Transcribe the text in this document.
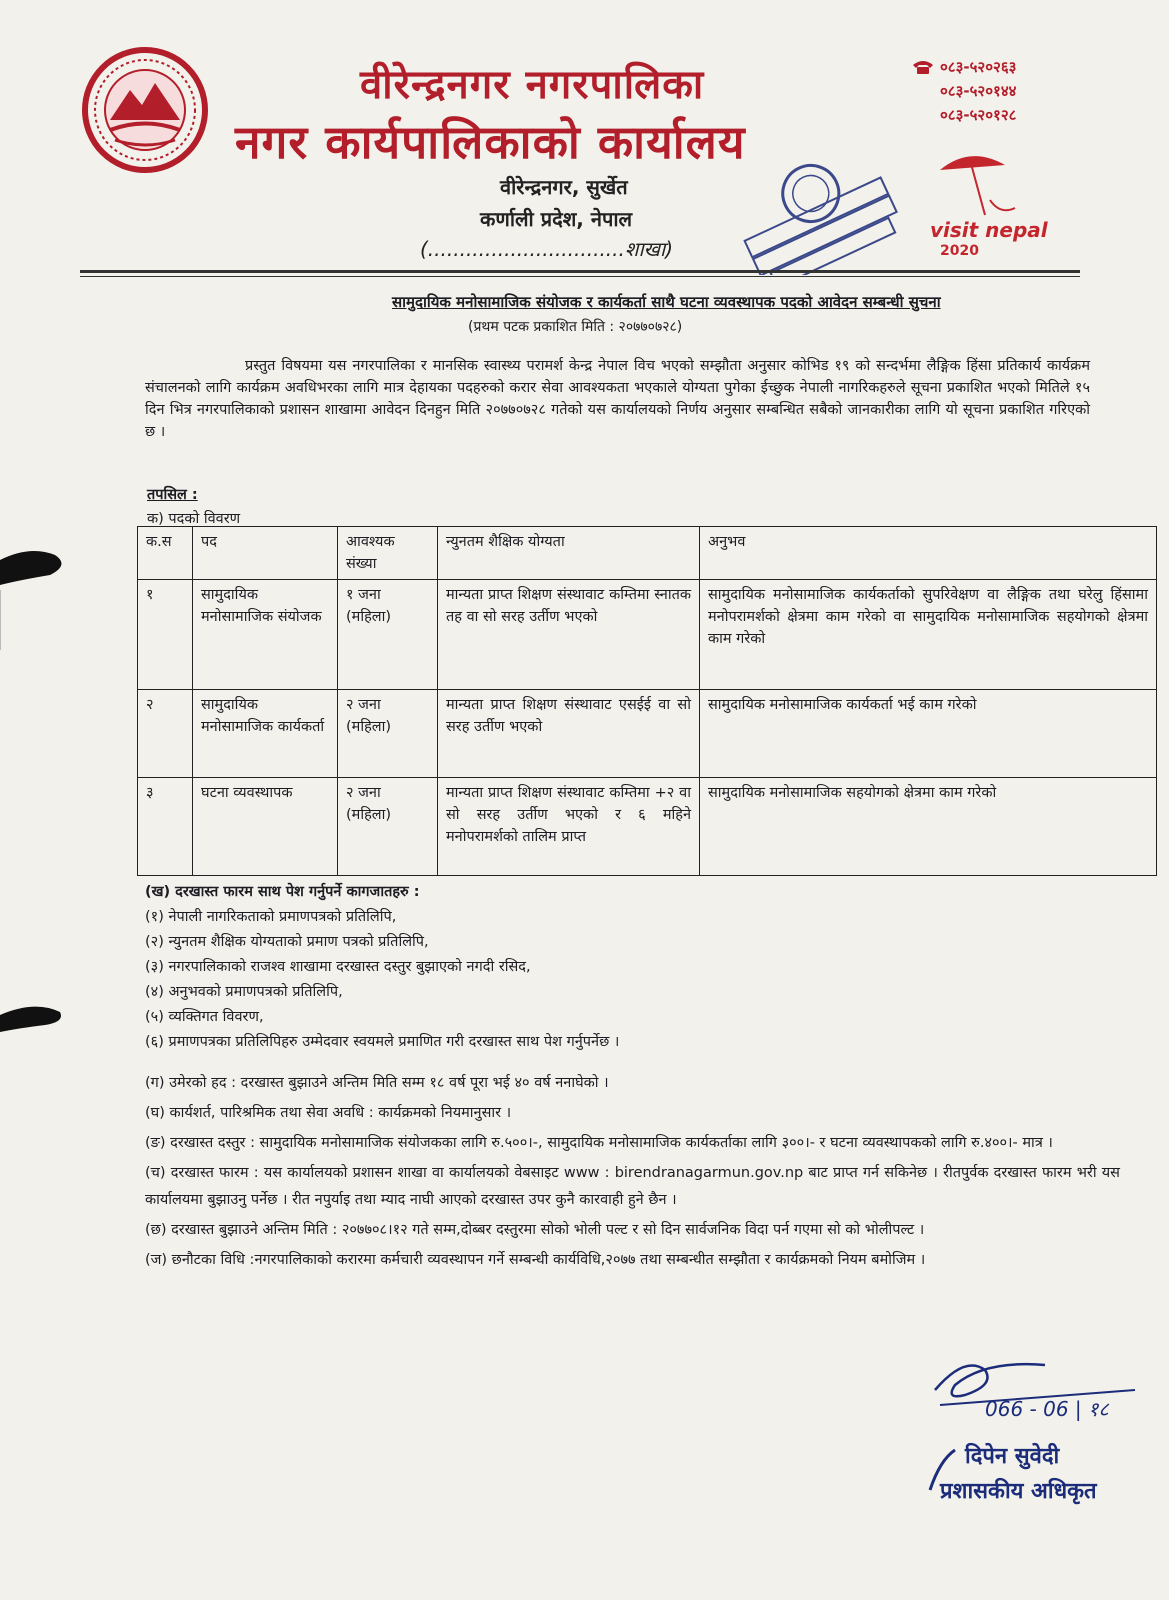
वीरेन्द्रनगर नगरपालिका
नगर कार्यपालिकाको कार्यालय
वीरेन्द्रनगर, सुर्खेत
कर्णाली प्रदेश, नेपाल
(...............................शाखा)
०८३-५२०२६३
०८३-५२०१४४
०८३-५२०१२८
visit nepal
2020
सामुदायिक मनोसामाजिक संयोजक र कार्यकर्ता साथै घटना व्यवस्थापक पदको आवेदन सम्बन्धी सुचना
(प्रथम पटक प्रकाशित मिति : २०७७०७२८)
प्रस्तुत विषयमा यस नगरपालिका र मानसिक स्वास्थ्य परामर्श केन्द्र नेपाल विच भएको सम्झौता अनुसार कोभिड १९ को सन्दर्भमा लैङ्गिक हिंसा प्रतिकार्य कार्यक्रम संचालनको लागि कार्यक्रम अवधिभरका लागि मात्र देहायका पदहरुको करार सेवा आवश्यकता भएकाले योग्यता पुगेका ईच्छुक नेपाली नागरिकहरुले सूचना प्रकाशित भएको मितिले १५ दिन भित्र नगरपालिकाको प्रशासन शाखामा आवेदन दिनहुन मिति २०७७०७२८ गतेको यस कार्यालयको निर्णय अनुसार सम्बन्धित सबैको जानकारीका लागि यो सूचना प्रकाशित गरिएको छ ।
तपसिल :
क) पदको विवरण
क.स	पद	आवश्यक संख्या	न्युनतम शैक्षिक योग्यता	अनुभव
१	सामुदायिक मनोसामाजिक संयोजक	१ जना (महिला)	मान्यता प्राप्त शिक्षण संस्थावाट कम्तिमा स्नातक तह वा सो सरह उर्तीण भएको	सामुदायिक मनोसामाजिक कार्यकर्ताको सुपरिवेक्षण वा लैङ्गिक तथा घरेलु हिंसामा मनोपरामर्शको क्षेत्रमा काम गरेको वा सामुदायिक मनोसामाजिक सहयोगको क्षेत्रमा काम गरेको
२	सामुदायिक मनोसामाजिक कार्यकर्ता	२ जना (महिला)	मान्यता प्राप्त शिक्षण संस्थावाट एसईई वा सो सरह उर्तीण भएको	सामुदायिक मनोसामाजिक कार्यकर्ता भई काम गरेको
३	घटना व्यवस्थापक	२ जना (महिला)	मान्यता प्राप्त शिक्षण संस्थावाट कम्तिमा +२ वा सो सरह उर्तीण भएको र ६ महिने मनोपरामर्शको तालिम प्राप्त	सामुदायिक मनोसामाजिक सहयोगको क्षेत्रमा काम गरेको
(ख) दरखास्त फारम साथ पेश गर्नुपर्ने कागजातहरु :
(१) नेपाली नागरिकताको प्रमाणपत्रको प्रतिलिपि,
(२) न्युनतम शैक्षिक योग्यताको प्रमाण पत्रको प्रतिलिपि,
(३) नगरपालिकाको राजश्व शाखामा दरखास्त दस्तुर बुझाएको नगदी रसिद,
(४) अनुभवको प्रमाणपत्रको प्रतिलिपि,
(५) व्यक्तिगत विवरण,
(६) प्रमाणपत्रका प्रतिलिपिहरु उम्मेदवार स्वयमले प्रमाणित गरी दरखास्त साथ पेश गर्नुपर्नेछ ।

(ग) उमेरको हद : दरखास्त बुझाउने अन्तिम मिति सम्म १८ वर्ष पूरा भई ४० वर्ष ननाघेको ।

(घ) कार्यशर्त, पारिश्रमिक तथा सेवा अवधि : कार्यक्रमको नियमानुसार ।

(ङ) दरखास्त दस्तुर : सामुदायिक मनोसामाजिक संयोजकका लागि रु.५००।-, सामुदायिक मनोसामाजिक कार्यकर्ताका लागि ३००।- र घटना व्यवस्थापकको लागि रु.४००।- मात्र ।

(च) दरखास्त फारम : यस कार्यालयको प्रशासन शाखा वा कार्यालयको वेबसाइट www : birendranagarmun.gov.np बाट प्राप्त गर्न सकिनेछ । रीतपुर्वक दरखास्त फारम भरी यस कार्यालयमा बुझाउनु पर्नेछ । रीत नपुर्याइ तथा म्याद नाघी आएको दरखास्त उपर कुनै कारवाही हुने छैन ।

(छ) दरखास्त बुझाउने अन्तिम मिति : २०७७०८।१२ गते सम्म,दोब्बर दस्तुरमा सोको भोली पल्ट र सो दिन सार्वजनिक विदा पर्न गएमा सो को भोलीपल्ट ।

(ज) छनौटका विधि :नगरपालिकाको करारमा कर्मचारी व्यवस्थापन गर्ने सम्बन्धी कार्यविधि,२०७७ तथा सम्बन्धीत सम्झौता र कार्यक्रमको नियम बमोजिम ।

066 - 06 | १८
दिपेन सुवेदी
प्रशासकीय अधिकृत
